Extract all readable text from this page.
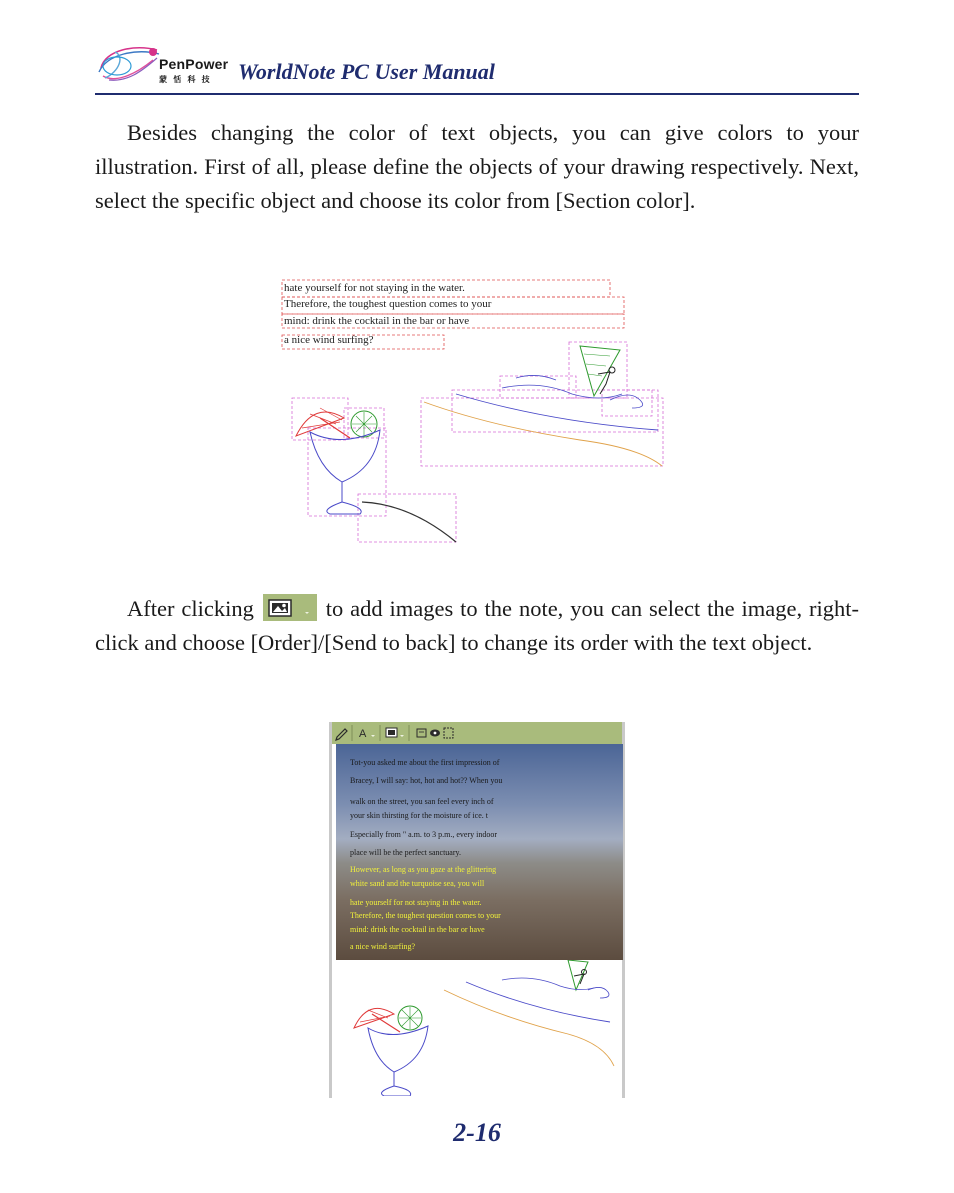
PenPower
蒙 恬 科 技 WorldNote PC User Manual

Besides changing the color of text objects, you can give colors to your illustration. First of all, please define the objects of your drawing respectively. Next, select the specific object and choose its color from [Section color].

hate yourself for not staying in the water.
Therefore, the toughest question comes to your
mind: drink the cocktail in the bar or have
a nice wind surfing?

After clicking	to add images to the note, you can select the image, right-click and choose [Order]/[Send to back] to change its order with the text object.

A
Tot-you asked me about the first impression of
Bracey, I will say: hot, hot and hot?? When you
walk on the street, you san feel every inch of
your skin thirsting for the moisture of ice. t
Especially from " a.m. to 3 p.m., every indoor
place will be the perfect sanctuary.
However, as long as you gaze at the glittering
white sand and the turquoise sea, you will
hate yourself for not staying in the water.
Therefore, the toughest question comes to your
mind: drink the cocktail in the bar or have
a nice wind surfing?
2-16
